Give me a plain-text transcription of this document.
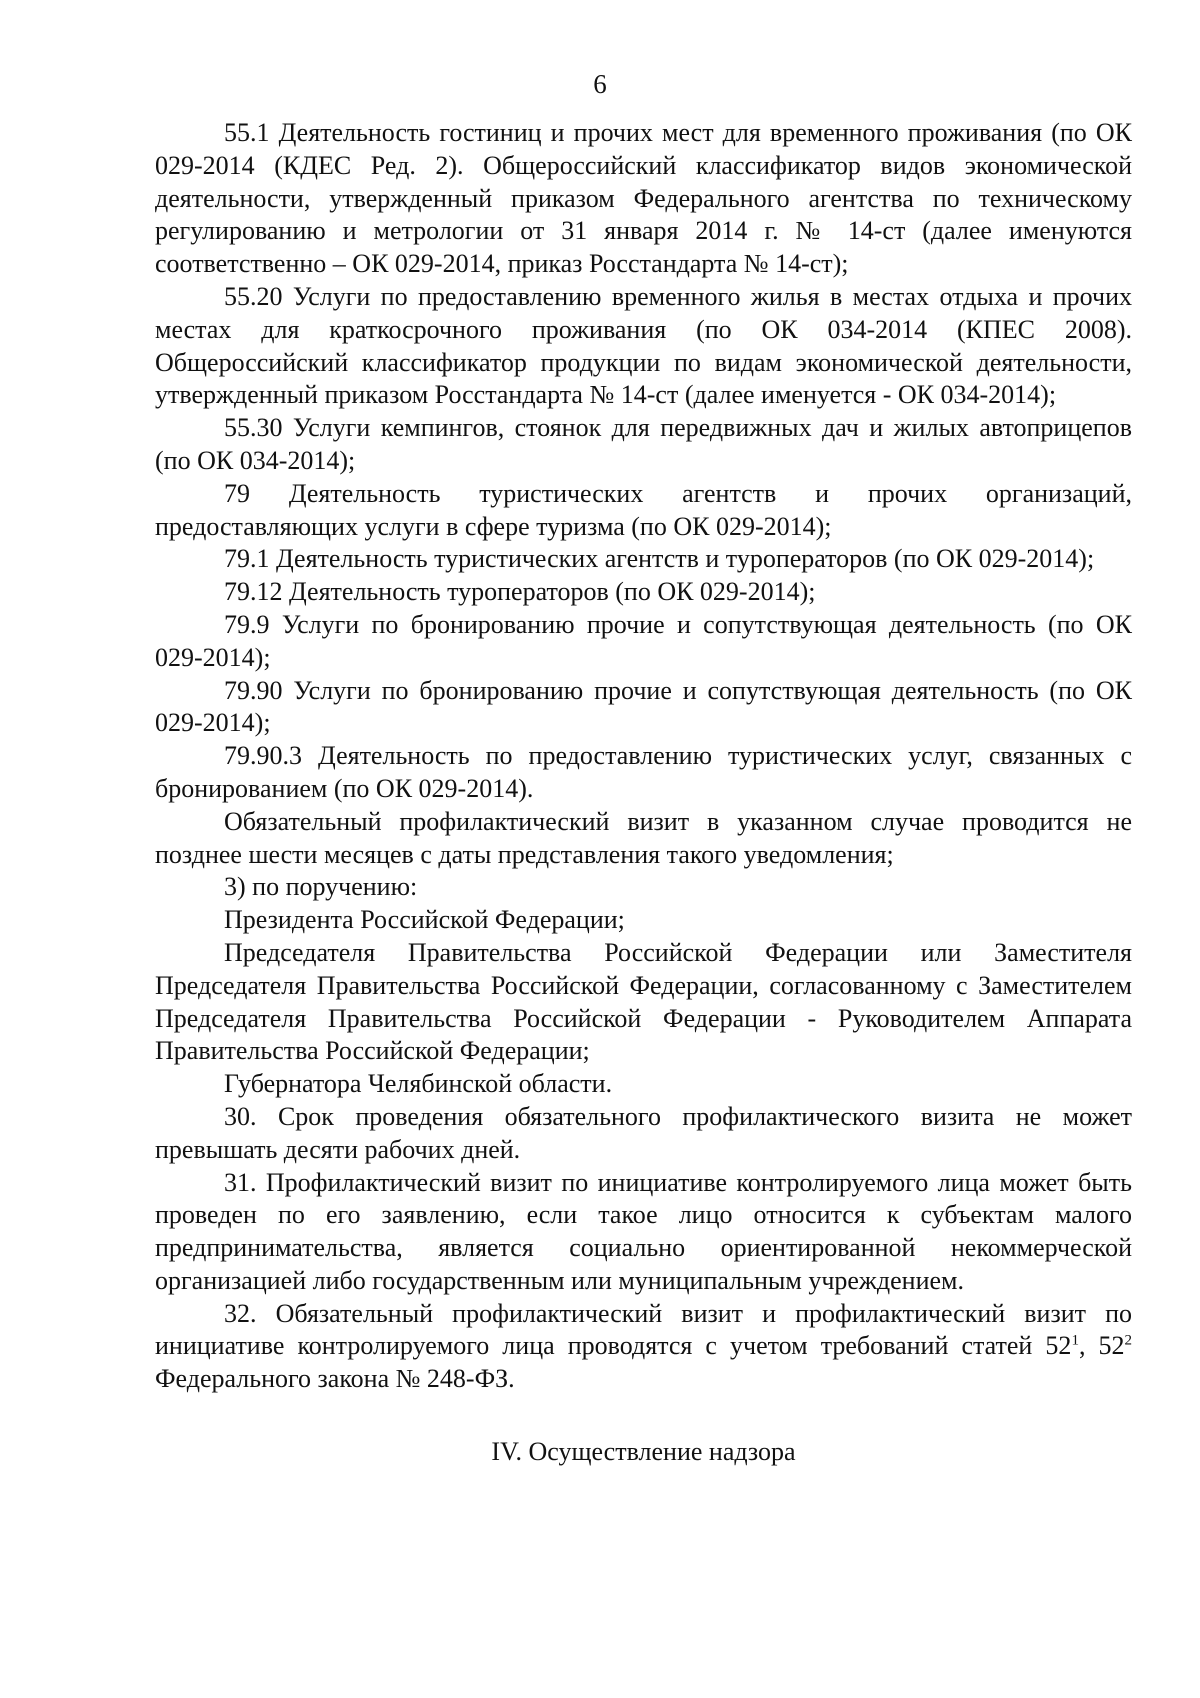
6

55.1 Деятельность гостиниц и прочих мест для временного проживания (по ОК 029-2014 (КДЕС Ред. 2). Общероссийский классификатор видов экономической деятельности, утвержденный приказом Федерального агентства по техническому регулированию и метрологии от 31 января 2014 г. № 14-ст (далее именуются соответственно – ОК 029-2014, приказ Росстандарта № 14-ст);

55.20 Услуги по предоставлению временного жилья в местах отдыха и прочих местах для краткосрочного проживания (по ОК 034-2014 (КПЕС 2008). Общероссийский классификатор продукции по видам экономической деятельности, утвержденный приказом Росстандарта № 14-ст (далее именуется - ОК 034-2014);

55.30 Услуги кемпингов, стоянок для передвижных дач и жилых автоприцепов (по ОК 034-2014);

79 Деятельность туристических агентств и прочих организаций, предоставляющих услуги в сфере туризма (по ОК 029-2014);

79.1 Деятельность туристических агентств и туроператоров (по ОК 029-2014);

79.12 Деятельность туроператоров (по ОК 029-2014);

79.9 Услуги по бронированию прочие и сопутствующая деятельность (по ОК 029-2014);

79.90 Услуги по бронированию прочие и сопутствующая деятельность (по ОК 029-2014);

79.90.3 Деятельность по предоставлению туристических услуг, связанных с бронированием (по ОК 029-2014).

Обязательный профилактический визит в указанном случае проводится не позднее шести месяцев с даты представления такого уведомления;

3) по поручению:

Президента Российской Федерации;

Председателя Правительства Российской Федерации или Заместителя Председателя Правительства Российской Федерации, согласованному с Заместителем Председателя Правительства Российской Федерации - Руководителем Аппарата Правительства Российской Федерации;

Губернатора Челябинской области.

30. Срок проведения обязательного профилактического визита не может превышать десяти рабочих дней.

31. Профилактический визит по инициативе контролируемого лица может быть проведен по его заявлению, если такое лицо относится к субъектам малого предпринимательства, является социально ориентированной некоммерческой организацией либо государственным или муниципальным учреждением.

32. Обязательный профилактический визит и профилактический визит по инициативе контролируемого лица проводятся с учетом требований статей $52^1$, $52^2$ Федерального закона № 248-ФЗ.

IV. Осуществление надзора
